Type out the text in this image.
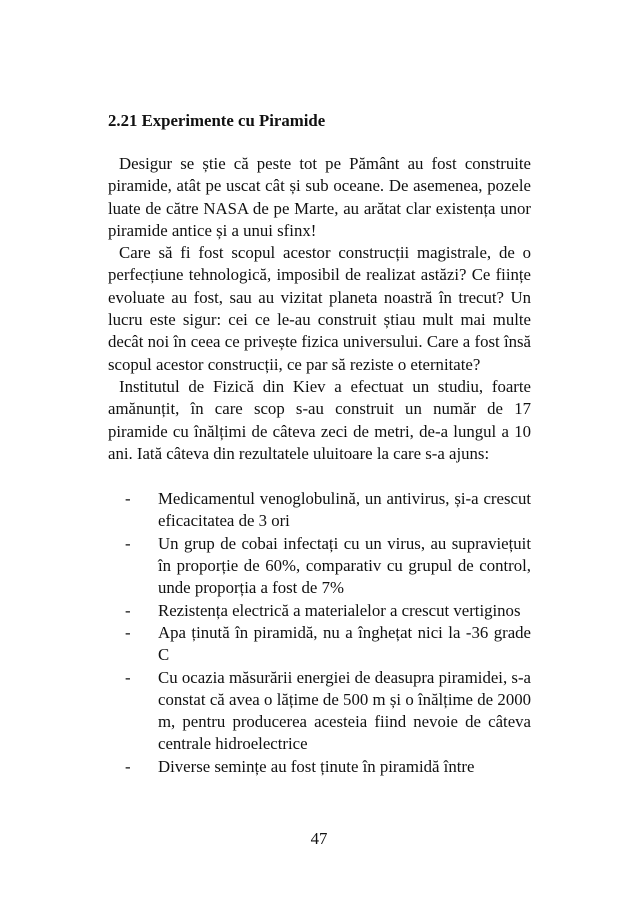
2.21 Experimente cu Piramide

Desigur se știe că peste tot pe Pământ au fost construite piramide, atât pe uscat cât și sub oceane. De asemenea, pozele luate de către NASA de pe Marte, au arătat clar existența unor piramide antice și a unui sfinx!

Care să fi fost scopul acestor construcții magistrale, de o perfecțiune tehnologică, imposibil de realizat astăzi? Ce ființe evoluate au fost, sau au vizitat planeta noastră în trecut? Un lucru este sigur: cei ce le-au construit știau mult mai multe decât noi în ceea ce privește fizica universului. Care a fost însă scopul acestor construcții, ce par să reziste o eternitate?

Institutul de Fizică din Kiev a efectuat un studiu, foarte amănunțit, în care scop s-au construit un număr de 17 piramide cu înălțimi de câteva zeci de metri, de-a lungul a 10 ani. Iată câteva din rezultatele uluitoare la care s-a ajuns:

- Medicamentul venoglobulină, un antivirus, și-a crescut eficacitatea de 3 ori
- Un grup de cobai infectați cu un virus, au supraviețuit în proporție de 60%, comparativ cu grupul de control, unde proporția a fost de 7%
- Rezistența electrică a materialelor a crescut vertiginos
- Apa ținută în piramidă, nu a înghețat nici la -36 grade C
- Cu ocazia măsurării energiei de deasupra piramidei, s-a constat că avea o lățime de 500 m și o înălțime de 2000 m, pentru producerea acesteia fiind nevoie de câteva centrale hidroelectrice
- Diverse semințe au fost ținute în piramidă între
47
